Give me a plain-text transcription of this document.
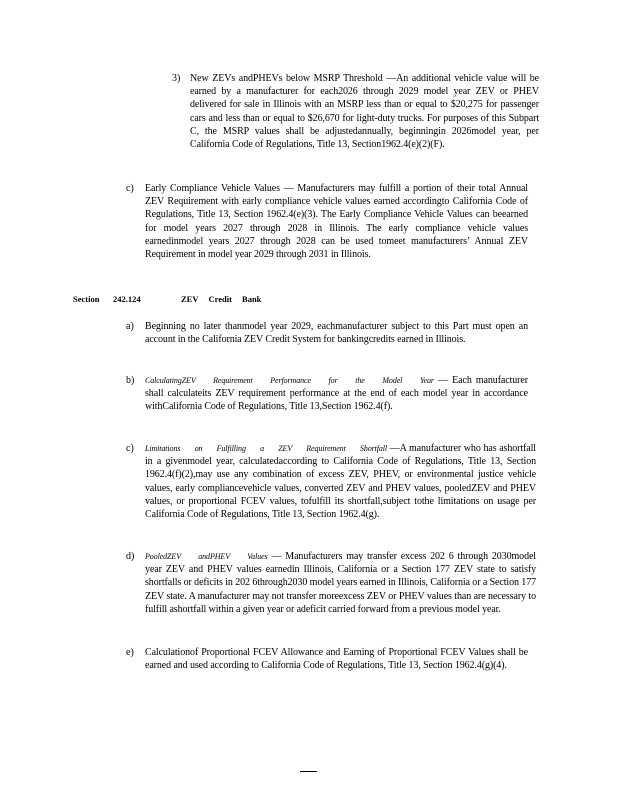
3) New ZEVs andPHEVs below MSRP Threshold —An additional vehicle value will be earned by a manufacturer for each2026 through 2029 model year ZEV or PHEV delivered for sale in Illinois with an MSRP less than or equal to $20,275 for passenger cars and less than or equal to $26,670 for light-duty trucks. For purposes of this Subpart C, the MSRP values shall be adjustedannually, beginningin 2026model year, per California Code of Regulations, Title 13, Section1962.4(e)(2)(F).
c) Early Compliance Vehicle Values — Manufacturers may fulfill a portion of their total Annual ZEV Requirement with early compliance vehicle values earned accordingto California Code of Regulations, Title 13, Section 1962.4(e)(3). The Early Compliance Vehicle Values can beearned for model years 2027 through 2028 in Illinois. The early compliance vehicle values earnedinmodel years 2027 through 2028 can be used tomeet manufacturers’ Annual ZEV Requirement in model year 2029 through 2031 in Illinois.
Section 242.124	ZEV Credit Bank
a) Beginning no later thanmodel year 2029, eachmanufacturer subject to this Part must open an account in the California ZEV Credit System for bankingcredits earned in Illinois.
b) CalculatingZEV Requirement Performance for the Model Year — Each manufacturer shall calculateits ZEV requirement performance at the end of each model year in accordance withCalifornia Code of Regulations, Title 13,Section 1962.4(f).
c) Limitations on Fulfilling a ZEV Requirement Shortfall —A manufacturer who has ashortfall in a givenmodel year, calculatedaccording to California Code of Regulations, Title 13, Section 1962.4(f)(2),may use any combination of excess ZEV, PHEV, or environmental justice vehicle values, early compliancevehicle values, converted ZEV and PHEV values, pooledZEV and PHEV values, or proportional FCEV values, tofulfill its shortfall,subject tothe limitations on usage per California Code of Regulations, Title 13, Section 1962.4(g).
d) PooledZEV andPHEV Values — Manufacturers may transfer excess 202 6 through 2030model year ZEV and PHEV values earnedin Illinois, California or a Section 177 ZEV state to satisfy shortfalls or deficits in 202 6through2030 model years earned in Illinois, California or a Section 177 ZEV state. A manufacturer may not transfer moreexcess ZEV or PHEV values than are necessary to fulfill ashortfall within a given year or adeficit carried forward from a previous model year.
e) Calculationof Proportional FCEV Allowance and Earning of Proportional FCEV Values shall be earned and used according to California Code of Regulations, Title 13, Section 1962.4(g)(4).
